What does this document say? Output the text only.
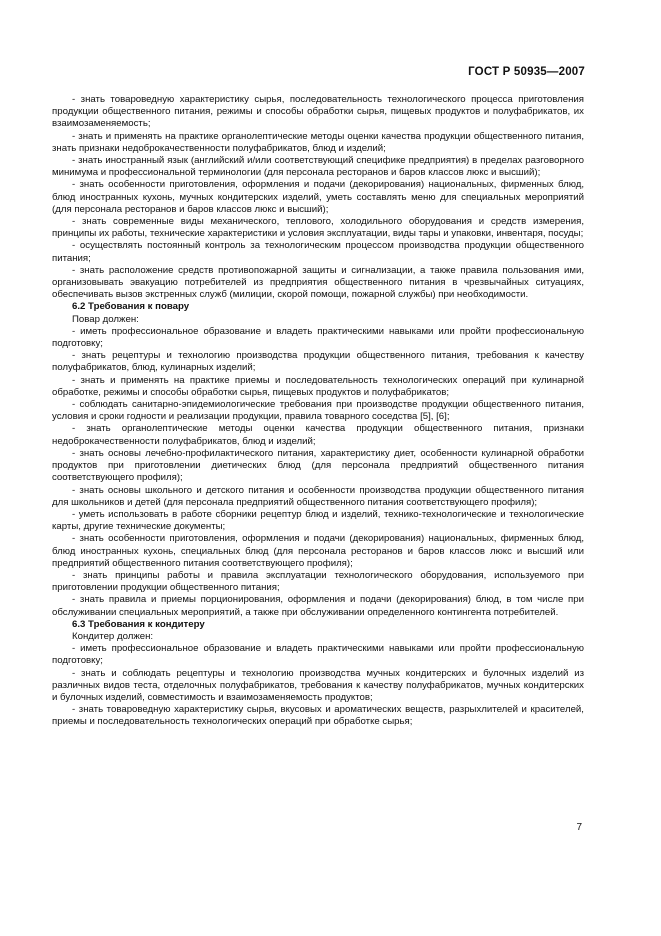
ГОСТ Р 50935—2007

- знать товароведную характеристику сырья, последовательность технологического процесса приготовления продукции общественного питания, режимы и способы обработки сырья, пищевых продуктов и полуфабрикатов, их взаимозаменяемость;

- знать и применять на практике органолептические методы оценки качества продукции общественного питания, знать признаки недоброкачественности полуфабрикатов, блюд и изделий;

- знать иностранный язык (английский и/или соответствующий специфике предприятия) в пределах разговорного минимума и профессиональной терминологии (для персонала ресторанов и баров классов люкс и высший);

- знать особенности приготовления, оформления и подачи (декорирования) национальных, фирменных блюд, блюд иностранных кухонь, мучных кондитерских изделий, уметь составлять меню для специальных мероприятий (для персонала ресторанов и баров классов люкс и высший);

- знать современные виды механического, теплового, холодильного оборудования и средств измерения, принципы их работы, технические характеристики и условия эксплуатации, виды тары и упаковки, инвентаря, посуды;

- осуществлять постоянный контроль за технологическим процессом производства продукции общественного питания;

- знать расположение средств противопожарной защиты и сигнализации, а также правила пользования ими, организовывать эвакуацию потребителей из предприятия общественного питания в чрезвычайных ситуациях, обеспечивать вызов экстренных служб (милиции, скорой помощи, пожарной службы) при необходимости.

6.2 Требования к повару

Повар должен:

- иметь профессиональное образование и владеть практическими навыками или пройти профессиональную подготовку;

- знать рецептуры и технологию производства продукции общественного питания, требования к качеству полуфабрикатов, блюд, кулинарных изделий;

- знать и применять на практике приемы и последовательность технологических операций при кулинарной обработке, режимы и способы обработки сырья, пищевых продуктов и полуфабрикатов;

- соблюдать санитарно-эпидемиологические требования при производстве продукции общественного питания, условия и сроки годности и реализации продукции, правила товарного соседства [5], [6];

- знать органолептические методы оценки качества продукции общественного питания, признаки недоброкачественности полуфабрикатов, блюд и изделий;

- знать основы лечебно-профилактического питания, характеристику диет, особенности кулинарной обработки продуктов при приготовлении диетических блюд (для персонала предприятий общественного питания соответствующего профиля);

- знать основы школьного и детского питания и особенности производства продукции общественного питания для школьников и детей (для персонала предприятий общественного питания соответствующего профиля);

- уметь использовать в работе сборники рецептур блюд и изделий, технико-технологические и технологические карты, другие технические документы;

- знать особенности приготовления, оформления и подачи (декорирования) национальных, фирменных блюд, блюд иностранных кухонь, специальных блюд (для персонала ресторанов и баров классов люкс и высший или предприятий общественного питания соответствующего профиля);

- знать принципы работы и правила эксплуатации технологического оборудования, используемого при приготовлении продукции общественного питания;

- знать правила и приемы порционирования, оформления и подачи (декорирования) блюд, в том числе при обслуживании специальных мероприятий, а также при обслуживании определенного контингента потребителей.

6.3 Требования к кондитеру

Кондитер должен:

- иметь профессиональное образование и владеть практическими навыками или пройти профессиональную подготовку;

- знать и соблюдать рецептуры и технологию производства мучных кондитерских и булочных изделий из различных видов теста, отделочных полуфабрикатов, требования к качеству полуфабрикатов, мучных кондитерских и булочных изделий, совместимость и взаимозаменяемость продуктов;

- знать товароведную характеристику сырья, вкусовых и ароматических веществ, разрыхлителей и красителей, приемы и последовательность технологических операций при обработке сырья;

7
